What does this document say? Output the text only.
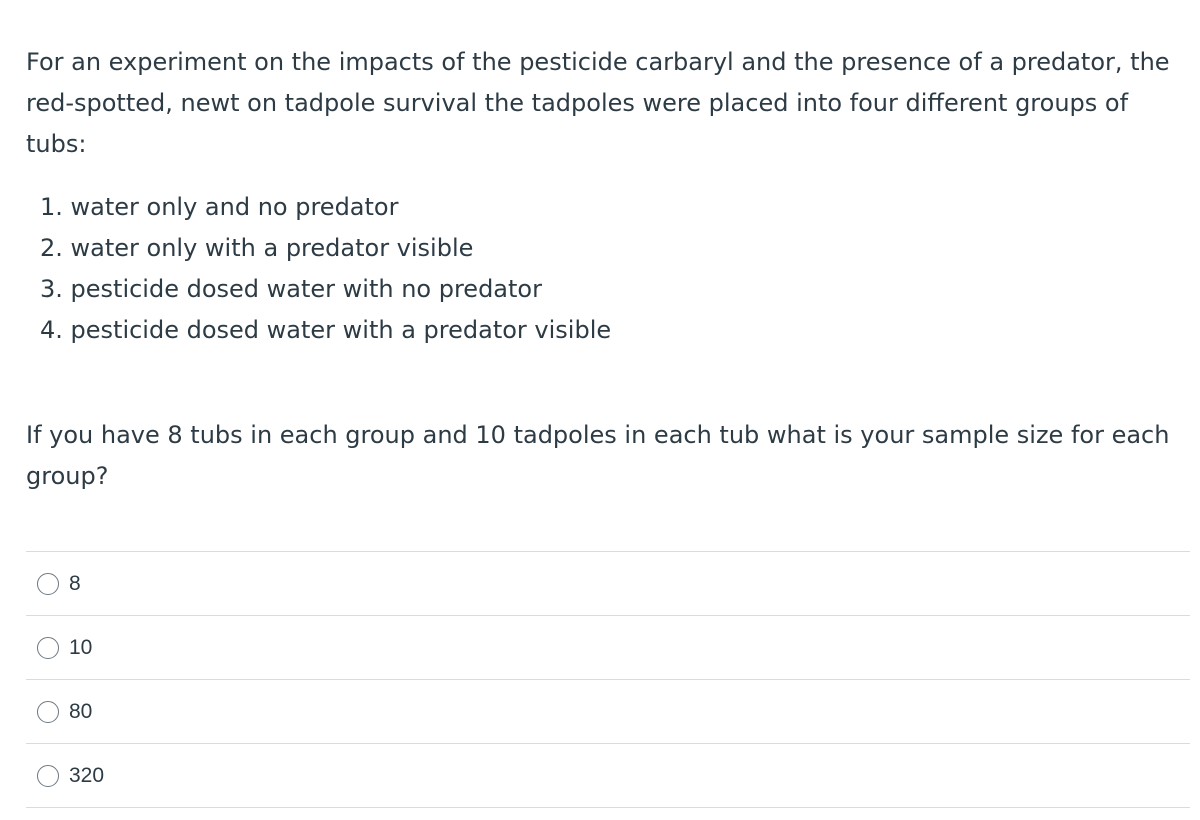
For an experiment on the impacts of the pesticide carbaryl and the presence of a predator, the red-spotted, newt on tadpole survival the tadpoles were placed into four different groups of tubs:

1. water only and no predator
2. water only with a predator visible
3. pesticide dosed water with no predator
4. pesticide dosed water with a predator visible

If you have 8 tubs in each group and 10 tadpoles in each tub what is your sample size for each group?

8
10
80
320
